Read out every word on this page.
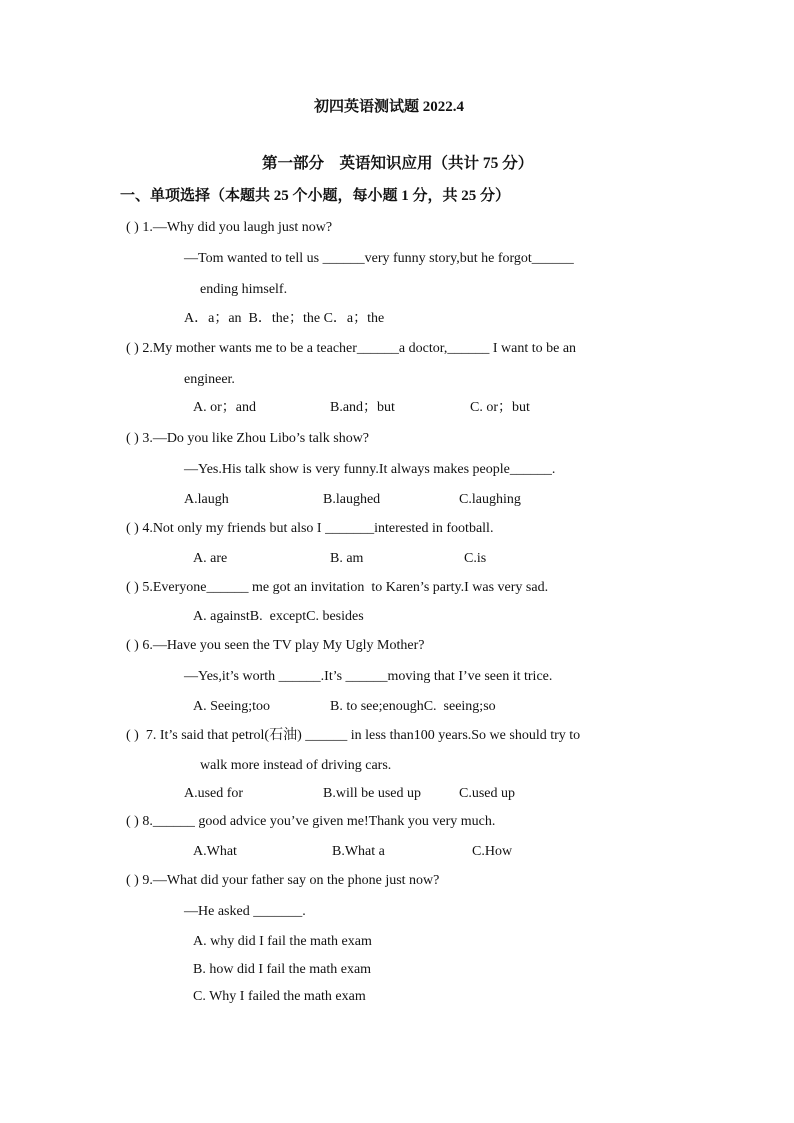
初四英语测试题 2022.4
第一部分　英语知识应用（共计 75 分）
一、单项选择（本题共 25 个小题，每小题 1 分，共 25 分）
( ) 1.—Why did you laugh just now?
—Tom wanted to tell us ______very funny story,but he forgot______
ending himself.
A．a；an  B．the；the C．a；the
( ) 2.My mother wants me to be a teacher______a doctor,______ I want to be an
engineer.
A. or；and	B.and；but	C. or；but
( ) 3.—Do you like Zhou Libo’s talk show?
—Yes.His talk show is very funny.It always makes people______.
A.laugh	B.laughed	C.laughing
( ) 4.Not only my friends but also I _______interested in football.
A. are	B. am	C.is
( ) 5.Everyone______ me got an invitation  to Karen’s party.I was very sad.
A. againstB.  exceptC. besides
( ) 6.—Have you seen the TV play My Ugly Mother?
—Yes,it’s worth ______.It’s ______moving that I’ve seen it trice.
A. Seeing;too	B. to see;enoughC.  seeing;so
( )  7. It’s said that petrol(石油) ______ in less than100 years.So we should try to
walk more instead of driving cars.
A.used for	B.will be used up	C.used up
( ) 8.______ good advice you’ve given me!Thank you very much.
A.What	B.What a	C.How
( ) 9.—What did your father say on the phone just now?
—He asked _______.
A. why did I fail the math exam
B. how did I fail the math exam
C. Why I failed the math exam
